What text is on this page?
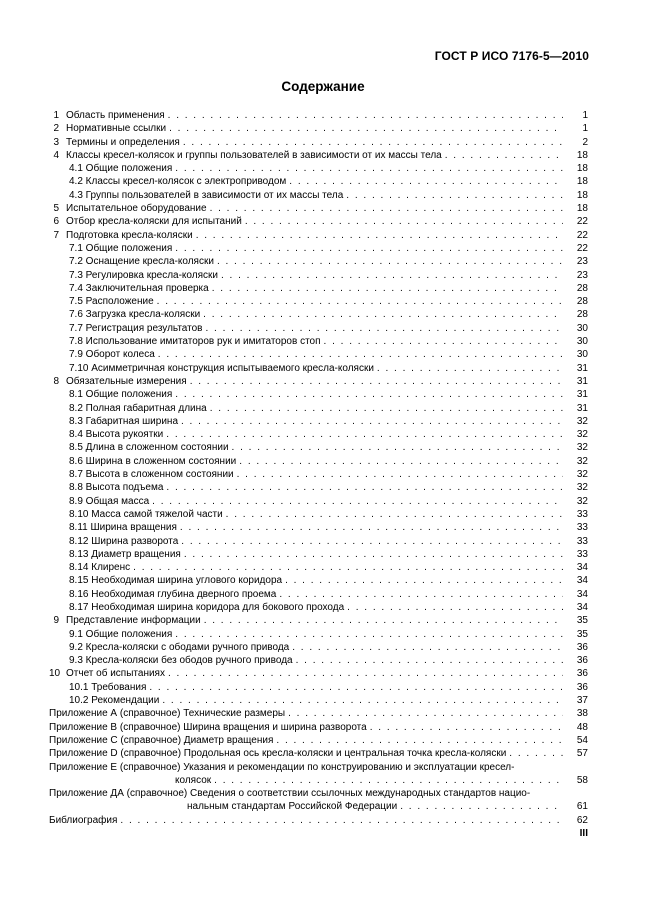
ГОСТ Р ИСО 7176-5—2010
Содержание
1 Область применения . . .	1
2 Нормативные ссылки . . .	1
3 Термины и определения . . .	2
4 Классы кресел-колясок и группы пользователей в зависимости от их массы тела . . .	18
4.1 Общие положения . . .	18
4.2 Классы кресел-колясок с электроприводом . . .	18
4.3 Группы пользователей в зависимости от их массы тела . . .	18
5 Испытательное оборудование . . .	18
6 Отбор кресла-коляски для испытаний . . .	22
7 Подготовка кресла-коляски . . .	22
7.1 Общие положения . . .	22
7.2 Оснащение кресла-коляски . . .	23
7.3 Регулировка кресла-коляски . . .	23
7.4 Заключительная проверка . . .	28
7.5 Расположение . . .	28
7.6 Загрузка кресла-коляски . . .	28
7.7 Регистрация результатов . . .	30
7.8 Использование имитаторов рук и имитаторов стоп . . .	30
7.9 Оборот колеса . . .	30
7.10 Асимметричная конструкция испытываемого кресла-коляски . . .	31
8 Обязательные измерения . . .	31
8.1 Общие положения . . .	31
8.2 Полная габаритная длина . . .	31
8.3 Габаритная ширина . . .	32
8.4 Высота рукоятки . . .	32
8.5 Длина в сложенном состоянии . . .	32
8.6 Ширина в сложенном состоянии . . .	32
8.7 Высота в сложенном состоянии . . .	32
8.8 Высота подъема . . .	32
8.9 Общая масса . . .	32
8.10 Масса самой тяжелой части . . .	33
8.11 Ширина вращения . . .	33
8.12 Ширина разворота . . .	33
8.13 Диаметр вращения . . .	33
8.14 Клиренс . . .	34
8.15 Необходимая ширина углового коридора . . .	34
8.16 Необходимая глубина дверного проема . . .	34
8.17 Необходимая ширина коридора для бокового прохода . . .	34
9 Представление информации . . .	35
9.1 Общие положения . . .	35
9.2 Кресла-коляски с ободами ручного привода . . .	36
9.3 Кресла-коляски без ободов ручного привода . . .	36
10 Отчет об испытаниях . . .	36
10.1 Требования . . .	36
10.2 Рекомендации . . .	37
Приложение А (справочное) Технические размеры . . .	38
Приложение В (справочное) Ширина вращения и ширина разворота . . .	48
Приложение С (справочное) Диаметр вращения . . .	54
Приложение D (справочное) Продольная ось кресла-коляски и центральная точка кресла-коляски . . .	57
Приложение Е (справочное) Указания и рекомендации по конструированию и эксплуатации кресел-
колясок . . .	58
Приложение ДА (справочное) Сведения о соответствии ссылочных международных стандартов нацио-
нальным стандартам Российской Федерации . . .	61
Библиография . . .	62
III
